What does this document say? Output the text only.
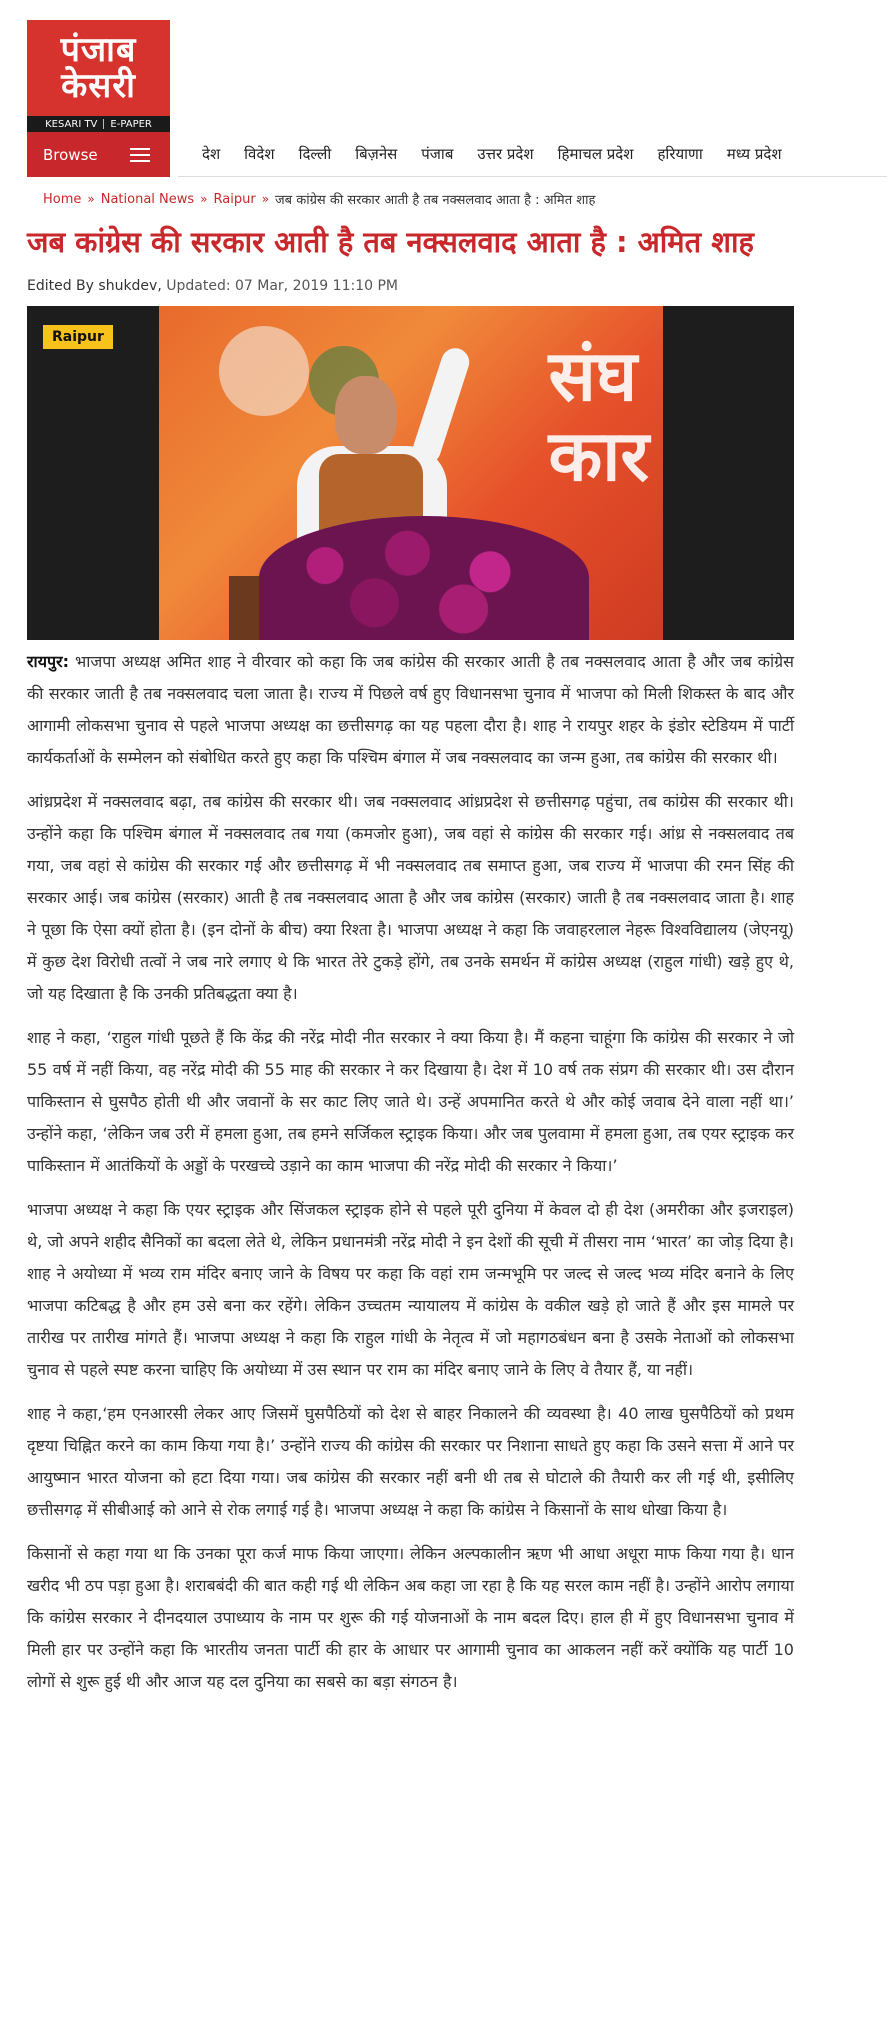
पंजाब
केसरी
KESARI TV E-PAPER
Browse	देश विदेश दिल्ली बिज़नेस पंजाब उत्तर प्रदेश हिमाचल प्रदेश हरियाणा मध्य प्रदेश
Home » National News » Raipur » जब कांग्रेस की सरकार आती है तब नक्सलवाद आता है : अमित शाह
जब कांग्रेस की सरकार आती है तब नक्सलवाद आता है : अमित शाह
Edited By shukdev, Updated: 07 Mar, 2019 11:10 PM
संघ
कार
Raipur

रायपुर: भाजपा अध्यक्ष अमित शाह ने वीरवार को कहा कि जब कांग्रेस की सरकार आती है तब नक्सलवाद आता है और जब कांग्रेस की सरकार जाती है तब नक्सलवाद चला जाता है। राज्य में पिछले वर्ष हुए विधानसभा चुनाव में भाजपा को मिली शिकस्त के बाद और आगामी लोकसभा चुनाव से पहले भाजपा अध्यक्ष का छत्तीसगढ़ का यह पहला दौरा है। शाह ने रायपुर शहर के इंडोर स्टेडियम में पार्टी कार्यकर्ताओं के सम्मेलन को संबोधित करते हुए कहा कि पश्चिम बंगाल में जब नक्सलवाद का जन्म हुआ, तब कांग्रेस की सरकार थी।

आंध्रप्रदेश में नक्सलवाद बढ़ा, तब कांग्रेस की सरकार थी। जब नक्सलवाद आंध्रप्रदेश से छत्तीसगढ़ पहुंचा, तब कांग्रेस की सरकार थी। उन्होंने कहा कि पश्चिम बंगाल में नक्सलवाद तब गया (कमजोर हुआ), जब वहां से कांग्रेस की सरकार गई। आंध्र से नक्सलवाद तब गया, जब वहां से कांग्रेस की सरकार गई और छत्तीसगढ़ में भी नक्सलवाद तब समाप्त हुआ, जब राज्य में भाजपा की रमन सिंह की सरकार आई। जब कांग्रेस (सरकार) आती है तब नक्सलवाद आता है और जब कांग्रेस (सरकार) जाती है तब नक्सलवाद जाता है। शाह ने पूछा कि ऐसा क्यों होता है। (इन दोनों के बीच) क्या रिश्ता है। भाजपा अध्यक्ष ने कहा कि जवाहरलाल नेहरू विश्वविद्यालय (जेएनयू) में कुछ देश विरोधी तत्वों ने जब नारे लगाए थे कि भारत तेरे टुकड़े होंगे, तब उनके समर्थन में कांग्रेस अध्यक्ष (राहुल गांधी) खड़े हुए थे, जो यह दिखाता है कि उनकी प्रतिबद्धता क्या है।

शाह ने कहा, ‘राहुल गांधी पूछते हैं कि केंद्र की नरेंद्र मोदी नीत सरकार ने क्या किया है। मैं कहना चाहूंगा कि कांग्रेस की सरकार ने जो 55 वर्ष में नहीं किया, वह नरेंद्र मोदी की 55 माह की सरकार ने कर दिखाया है। देश में 10 वर्ष तक संप्रग की सरकार थी। उस दौरान पाकिस्तान से घुसपैठ होती थी और जवानों के सर काट लिए जाते थे। उन्हें अपमानित करते थे और कोई जवाब देने वाला नहीं था।’ उन्होंने कहा, ‘लेकिन जब उरी में हमला हुआ, तब हमने सर्जिकल स्ट्राइक किया। और जब पुलवामा में हमला हुआ, तब एयर स्ट्राइक कर पाकिस्तान में आतंकियों के अड्डों के परखच्चे उड़ाने का काम भाजपा की नरेंद्र मोदी की सरकार ने किया।’

भाजपा अध्यक्ष ने कहा कि एयर स्ट्राइक और सिंजकल स्ट्राइक होने से पहले पूरी दुनिया में केवल दो ही देश (अमरीका और इजराइल) थे, जो अपने शहीद सैनिकों का बदला लेते थे, लेकिन प्रधानमंत्री नरेंद्र मोदी ने इन देशों की सूची में तीसरा नाम ‘भारत’ का जोड़ दिया है। शाह ने अयोध्या में भव्य राम मंदिर बनाए जाने के विषय पर कहा कि वहां राम जन्मभूमि पर जल्द से जल्द भव्य मंदिर बनाने के लिए भाजपा कटिबद्ध है और हम उसे बना कर रहेंगे। लेकिन उच्चतम न्यायालय में कांग्रेस के वकील खड़े हो जाते हैं और इस मामले पर तारीख पर तारीख मांगते हैं। भाजपा अध्यक्ष ने कहा कि राहुल गांधी के नेतृत्व में जो महागठबंधन बना है उसके नेताओं को लोकसभा चुनाव से पहले स्पष्ट करना चाहिए कि अयोध्या में उस स्थान पर राम का मंदिर बनाए जाने के लिए वे तैयार हैं, या नहीं।

शाह ने कहा,‘हम एनआरसी लेकर आए जिसमें घुसपैठियों को देश से बाहर निकालने की व्यवस्था है। 40 लाख घुसपैठियों को प्रथम दृष्टया चिह्नित करने का काम किया गया है।’ उन्होंने राज्य की कांग्रेस की सरकार पर निशाना साधते हुए कहा कि उसने सत्ता में आने पर आयुष्मान भारत योजना को हटा दिया गया। जब कांग्रेस की सरकार नहीं बनी थी तब से घोटाले की तैयारी कर ली गई थी, इसीलिए छत्तीसगढ़ में सीबीआई को आने से रोक लगाई गई है। भाजपा अध्यक्ष ने कहा कि कांग्रेस ने किसानों के साथ धोखा किया है।

किसानों से कहा गया था कि उनका पूरा कर्ज माफ किया जाएगा। लेकिन अल्पकालीन ऋण भी आधा अधूरा माफ किया गया है। धान खरीद भी ठप पड़ा हुआ है। शराबबंदी की बात कही गई थी लेकिन अब कहा जा रहा है कि यह सरल काम नहीं है। उन्होंने आरोप लगाया कि कांग्रेस सरकार ने दीनदयाल उपाध्याय के नाम पर शुरू की गई योजनाओं के नाम बदल दिए। हाल ही में हुए विधानसभा चुनाव में मिली हार पर उन्होंने कहा कि भारतीय जनता पार्टी की हार के आधार पर आगामी चुनाव का आकलन नहीं करें क्योंकि यह पार्टी 10 लोगों से शुरू हुई थी और आज यह दल दुनिया का सबसे का बड़ा संगठन है।
